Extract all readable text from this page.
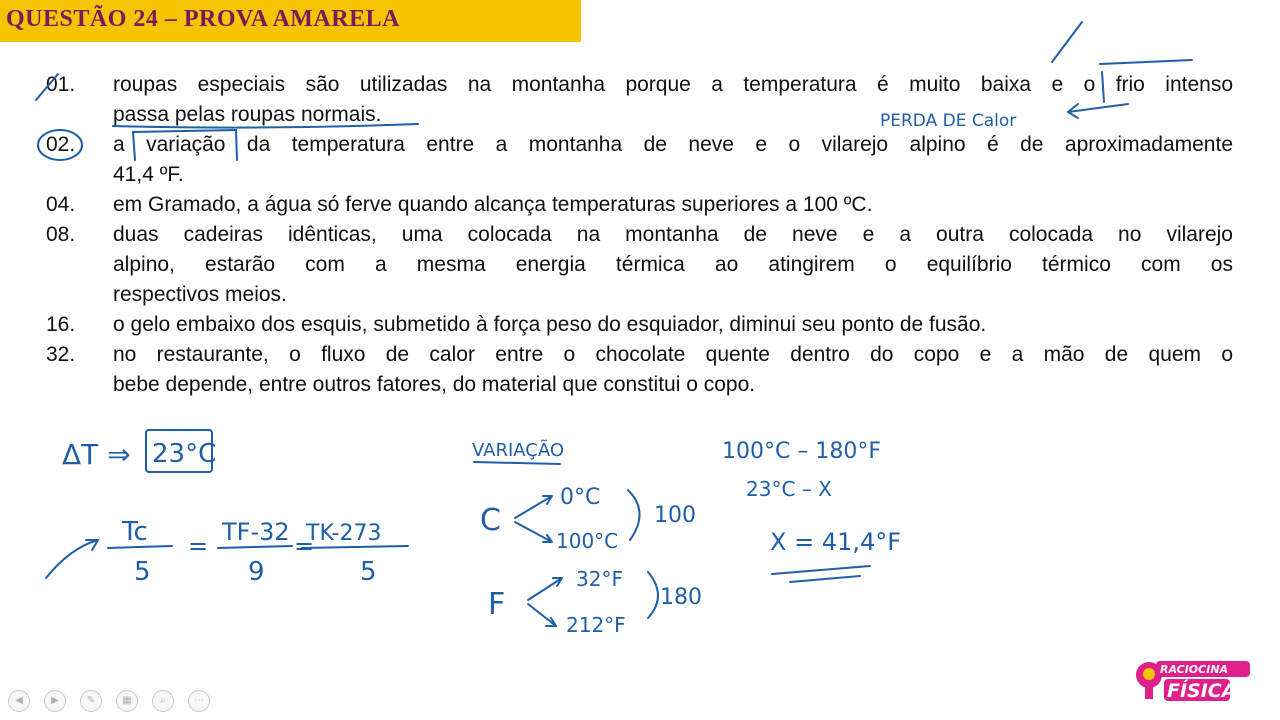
QUESTÃO 24 – PROVA AMARELA
01. roupas especiais são utilizadas na montanha porque a temperatura é muito baixa e o frio intenso
passa pelas roupas normais.
02. a variação da temperatura entre a montanha de neve e o vilarejo alpino é de aproximadamente
41,4 ºF.
04. em Gramado, a água só ferve quando alcança temperaturas superiores a 100 ºC.
08. duas cadeiras idênticas, uma colocada na montanha de neve e a outra colocada no vilarejo
alpino, estarão com a mesma energia térmica ao atingirem o equilíbrio térmico com os
respectivos meios.
16. o gelo embaixo dos esquis, submetido à força peso do esquiador, diminui seu ponto de fusão.
32. no restaurante, o fluxo de calor entre o chocolate quente dentro do copo e a mão de quem o
bebe depende, entre outros fatores, do material que constitui o copo.
PERDA DE Calor
ΔT ⇒ 23°C
Tc
5
= TF-32
9
=
TK-273
5
VARIAÇÃO
C
0°C
100°C
100
F
32°F
212°F
180
100°C – 180°F
23°C – X
X = 41,4°F
◀	▶	✎	▦	⌕	⋯
RACIOCINA
FÍSICA
